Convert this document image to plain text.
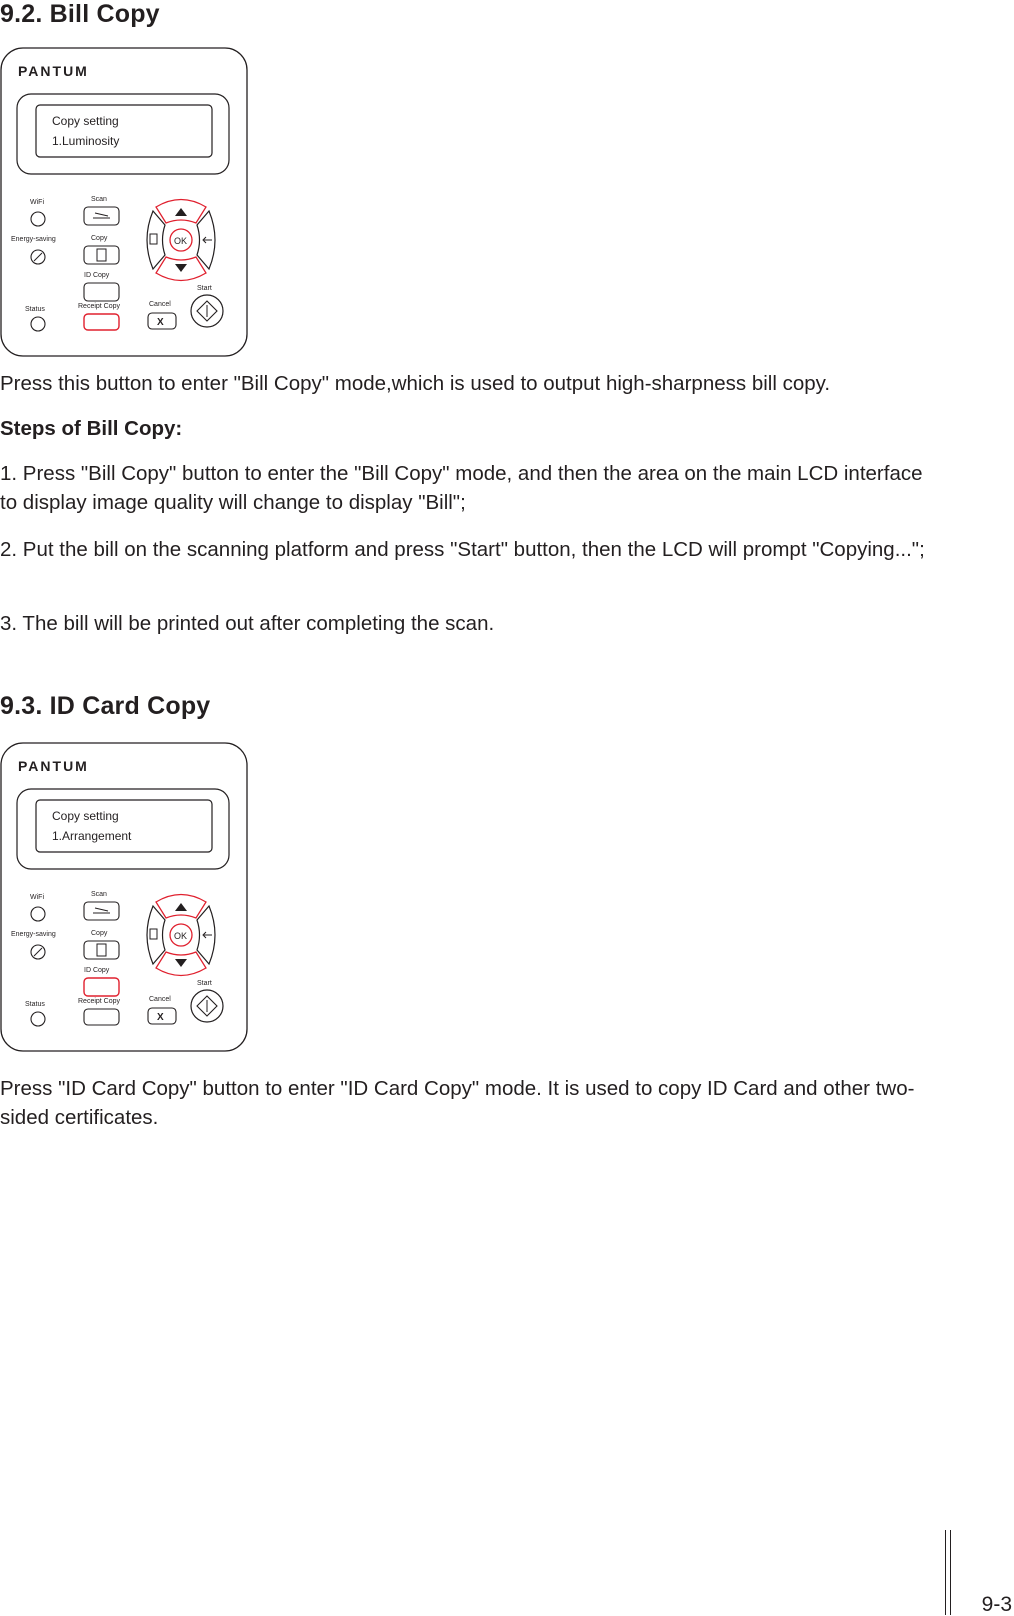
9.2. Bill Copy
PANTUM
Copy setting
1.Luminosity
WiFi
Energy-saving
Status
Scan
Copy
ID Copy
Receipt Copy
OK
Cancel
X
Start

Press this button to enter "Bill Copy" mode,which is used to output high-sharpness bill copy.

Steps of Bill Copy:

1. Press "Bill Copy" button to enter the "Bill Copy" mode, and then the area on the main LCD interface to display image quality will change to display "Bill";

2. Put the bill on the scanning platform and press "Start" button, then the LCD will prompt "Copying...";

3. The bill will be printed out after completing the scan.

9.3. ID Card Copy
PANTUM
Copy setting
1.Arrangement
WiFi
Energy-saving
Status
Scan
Copy
ID Copy
Receipt Copy
OK
Cancel
X
Start

Press "ID Card Copy" button to enter "ID Card Copy" mode. It is used to copy ID Card and other two-sided certificates.

9-3
